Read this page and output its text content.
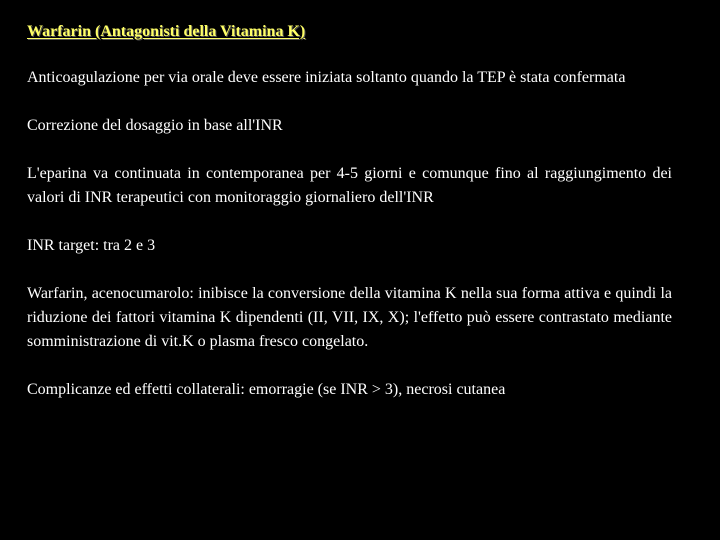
Warfarin (Antagonisti della Vitamina K)
Anticoagulazione per via orale deve essere iniziata soltanto quando la TEP è stata confermata
Correzione del dosaggio in base all'INR
L'eparina va continuata in contemporanea per 4-5 giorni e comunque fino al raggiungimento dei valori di INR terapeutici con monitoraggio giornaliero dell'INR
INR target: tra 2 e 3
Warfarin, acenocumarolo: inibisce la conversione della vitamina K nella sua forma attiva e quindi la riduzione dei fattori vitamina K dipendenti (II, VII, IX, X); l'effetto può essere contrastato mediante somministrazione di vit.K o plasma fresco congelato.
Complicanze ed effetti collaterali: emorragie (se INR > 3), necrosi cutanea
